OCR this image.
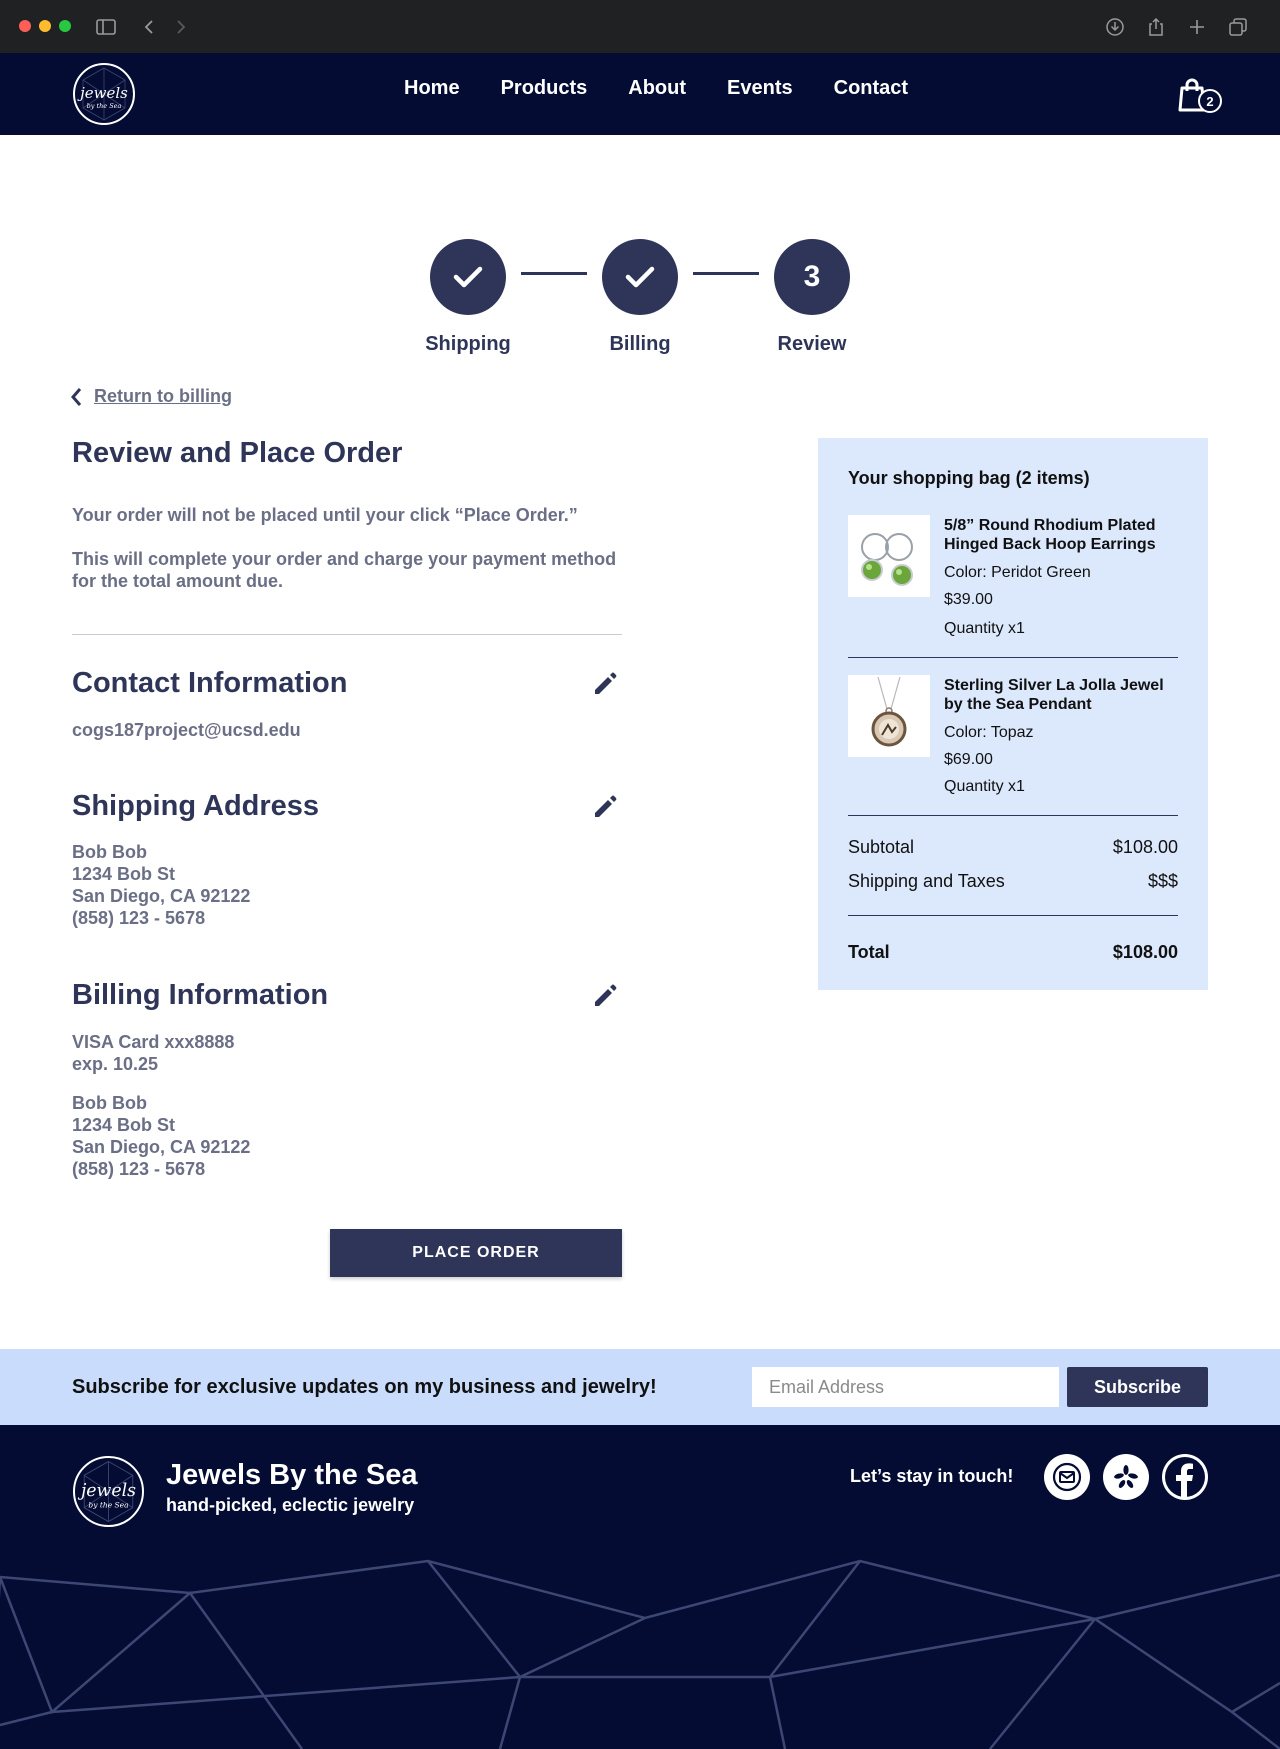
jewels
by the Sea
Home Products About Events Contact
2
3
Shipping	Billing	Review
Return to billing
Review and Place Order

Your order will not be placed until your click “Place Order.”

This will complete your order and charge your payment method for the total amount due.

Contact Information
cogs187project@ucsd.edu
Shipping Address
Bob Bob
1234 Bob St
San Diego, CA 92122
(858) 123 - 5678
Billing Information
VISA Card xxx8888
exp. 10.25
Bob Bob
1234 Bob St
San Diego, CA 92122
(858) 123 - 5678
PLACE ORDER
Your shopping bag (2 items)
5/8” Round Rhodium Plated Hinged Back Hoop Earrings
Color: Peridot Green
$39.00
Quantity x1
Sterling Silver La Jolla Jewel by the Sea Pendant
Color: Topaz
$69.00
Quantity x1
Subtotal	$108.00
Shipping and Taxes	$$$
Total	$108.00
Subscribe for exclusive updates on my business and jewelry!
Email Address	Subscribe
jewels
by the Sea
Jewels By the Sea
hand-picked, eclectic jewelry
Let’s stay in touch!
